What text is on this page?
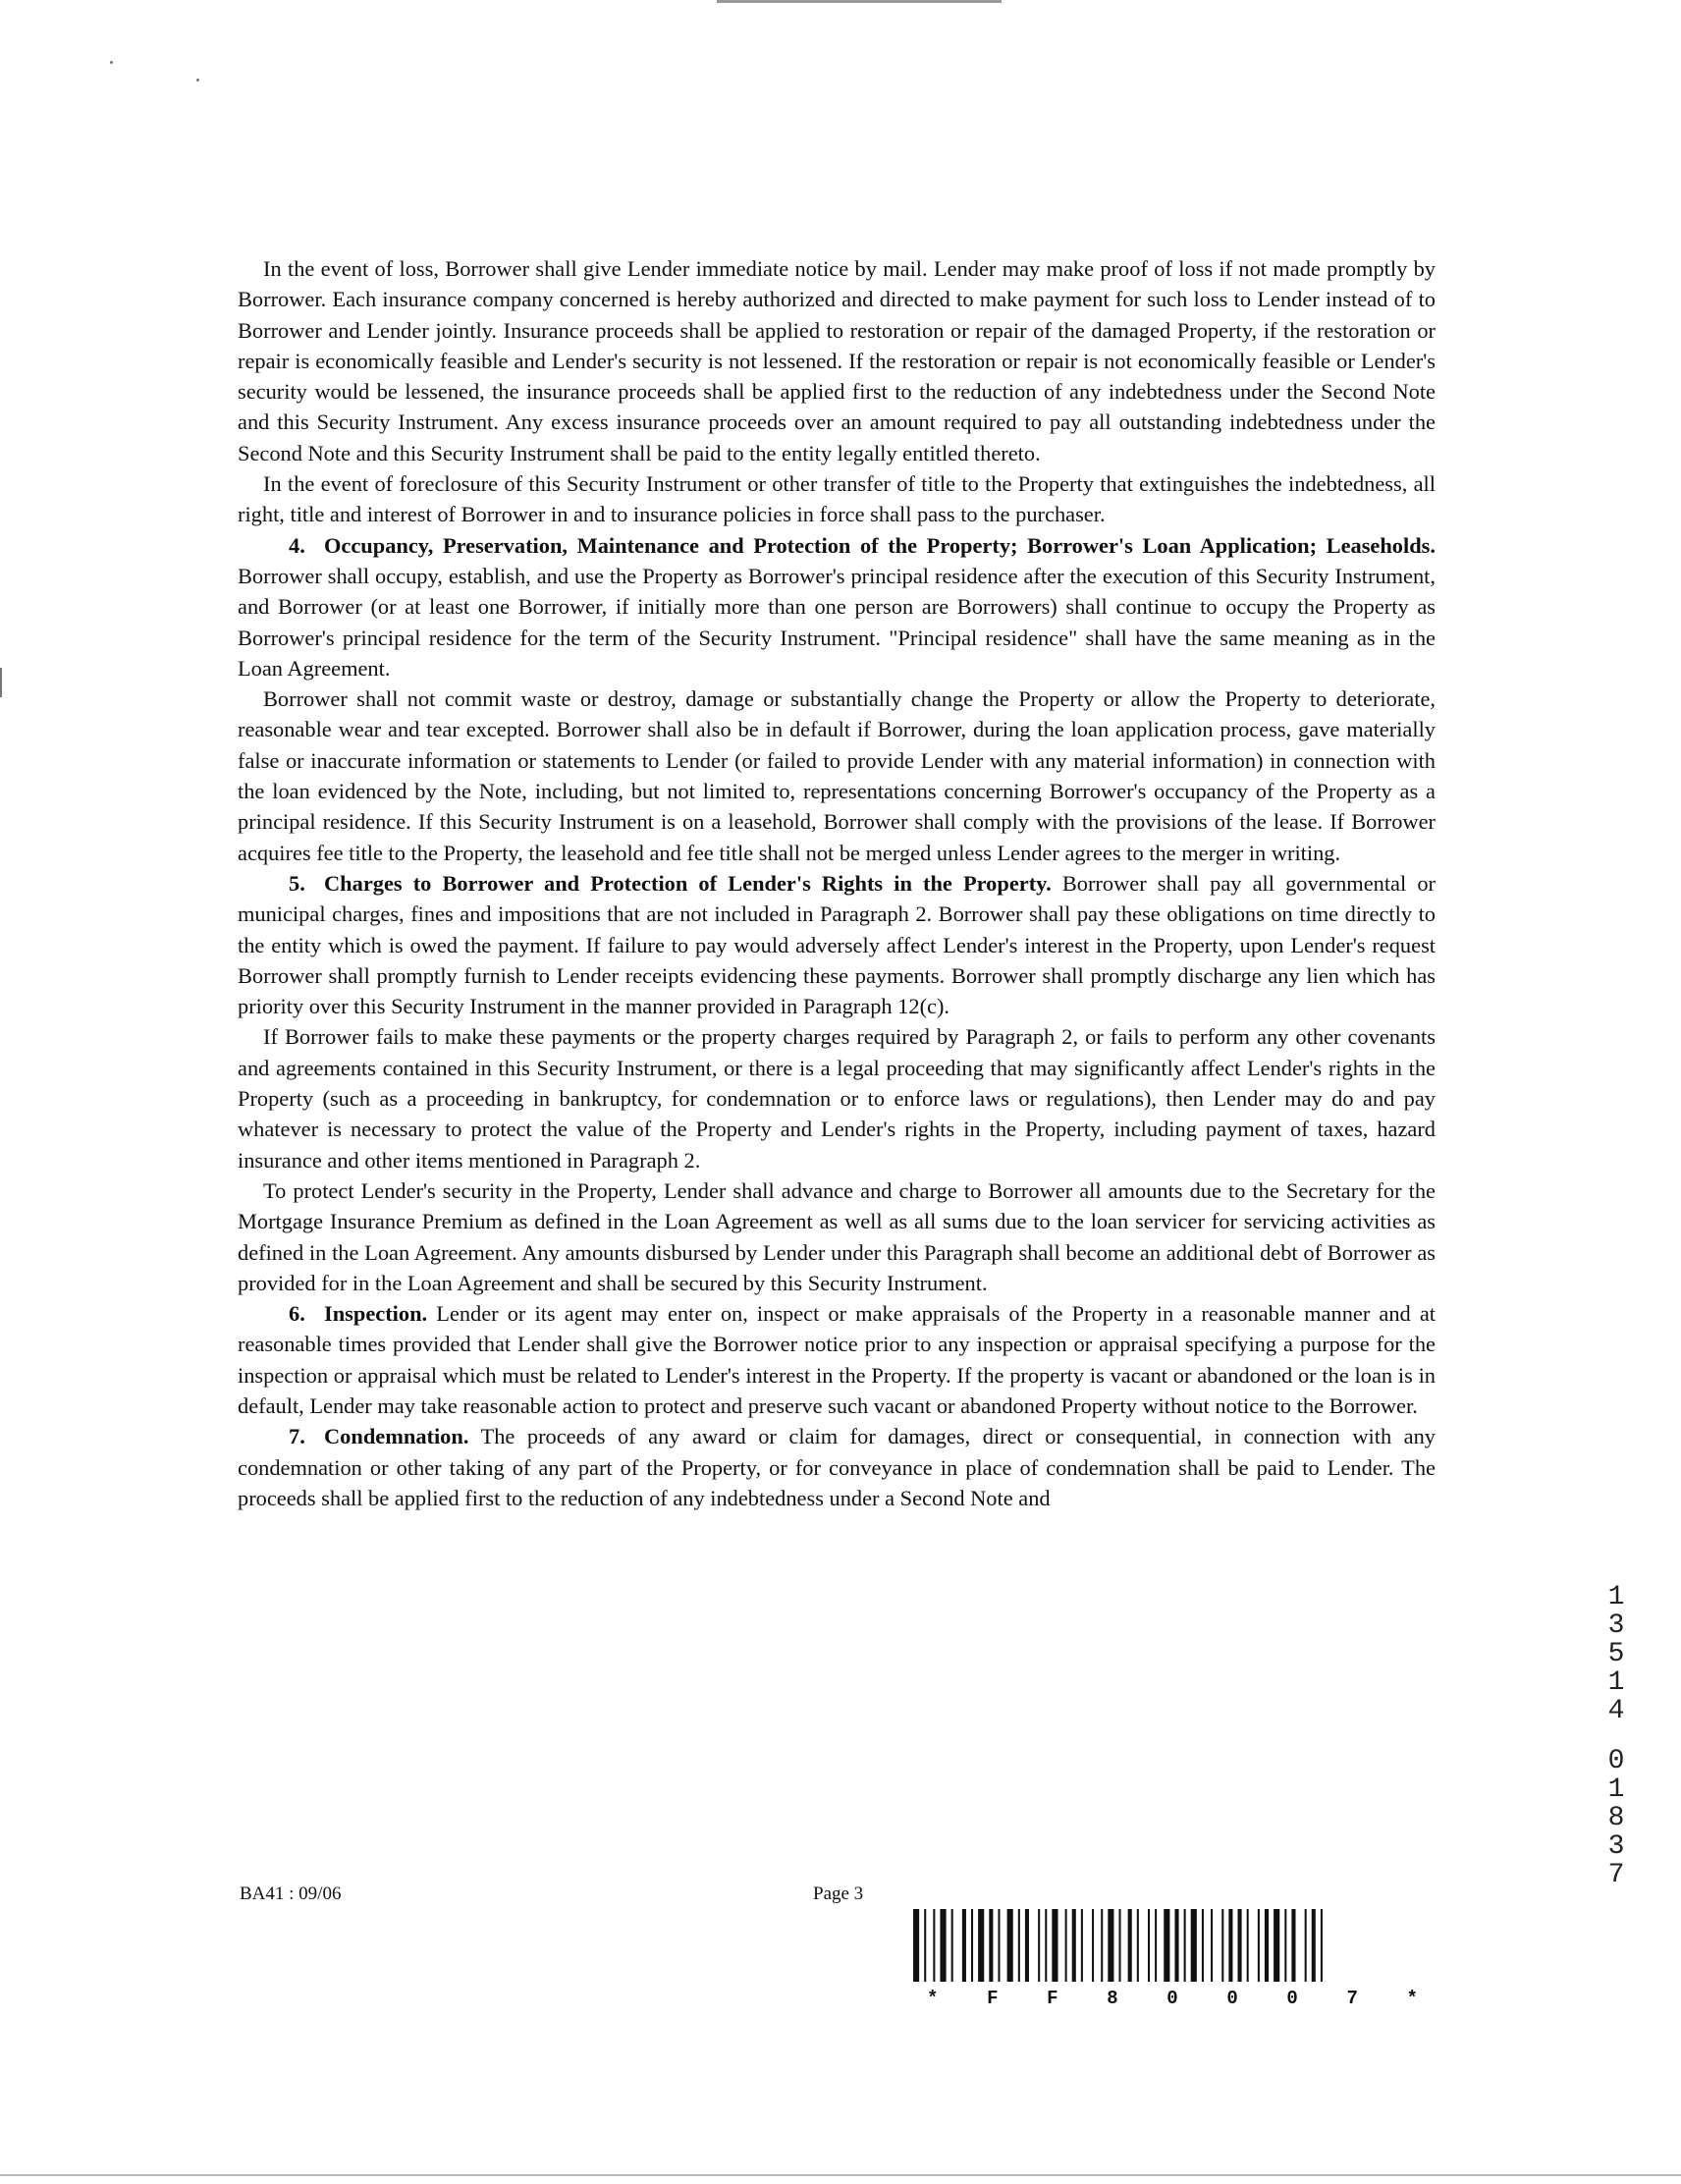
In the event of loss, Borrower shall give Lender immediate notice by mail. Lender may make proof of loss if not made promptly by Borrower. Each insurance company concerned is hereby authorized and directed to make payment for such loss to Lender instead of to Borrower and Lender jointly. Insurance proceeds shall be applied to restoration or repair of the damaged Property, if the restoration or repair is economically feasible and Lender's security is not lessened. If the restoration or repair is not economically feasible or Lender's security would be lessened, the insurance proceeds shall be applied first to the reduction of any indebtedness under the Second Note and this Security Instrument. Any excess insurance proceeds over an amount required to pay all outstanding indebtedness under the Second Note and this Security Instrument shall be paid to the entity legally entitled thereto.

In the event of foreclosure of this Security Instrument or other transfer of title to the Property that extinguishes the indebtedness, all right, title and interest of Borrower in and to insurance policies in force shall pass to the purchaser.

4. Occupancy, Preservation, Maintenance and Protection of the Property; Borrower's Loan Application; Leaseholds. Borrower shall occupy, establish, and use the Property as Borrower's principal residence after the execution of this Security Instrument, and Borrower (or at least one Borrower, if initially more than one person are Borrowers) shall continue to occupy the Property as Borrower's principal residence for the term of the Security Instrument. "Principal residence" shall have the same meaning as in the Loan Agreement.

Borrower shall not commit waste or destroy, damage or substantially change the Property or allow the Property to deteriorate, reasonable wear and tear excepted. Borrower shall also be in default if Borrower, during the loan application process, gave materially false or inaccurate information or statements to Lender (or failed to provide Lender with any material information) in connection with the loan evidenced by the Note, including, but not limited to, representations concerning Borrower's occupancy of the Property as a principal residence. If this Security Instrument is on a leasehold, Borrower shall comply with the provisions of the lease. If Borrower acquires fee title to the Property, the leasehold and fee title shall not be merged unless Lender agrees to the merger in writing.

5. Charges to Borrower and Protection of Lender's Rights in the Property. Borrower shall pay all governmental or municipal charges, fines and impositions that are not included in Paragraph 2. Borrower shall pay these obligations on time directly to the entity which is owed the payment. If failure to pay would adversely affect Lender's interest in the Property, upon Lender's request Borrower shall promptly furnish to Lender receipts evidencing these payments. Borrower shall promptly discharge any lien which has priority over this Security Instrument in the manner provided in Paragraph 12(c).

If Borrower fails to make these payments or the property charges required by Paragraph 2, or fails to perform any other covenants and agreements contained in this Security Instrument, or there is a legal proceeding that may significantly affect Lender's rights in the Property (such as a proceeding in bankruptcy, for condemnation or to enforce laws or regulations), then Lender may do and pay whatever is necessary to protect the value of the Property and Lender's rights in the Property, including payment of taxes, hazard insurance and other items mentioned in Paragraph 2.

To protect Lender's security in the Property, Lender shall advance and charge to Borrower all amounts due to the Secretary for the Mortgage Insurance Premium as defined in the Loan Agreement as well as all sums due to the loan servicer for servicing activities as defined in the Loan Agreement. Any amounts disbursed by Lender under this Paragraph shall become an additional debt of Borrower as provided for in the Loan Agreement and shall be secured by this Security Instrument.

6. Inspection. Lender or its agent may enter on, inspect or make appraisals of the Property in a reasonable manner and at reasonable times provided that Lender shall give the Borrower notice prior to any inspection or appraisal specifying a purpose for the inspection or appraisal which must be related to Lender's interest in the Property. If the property is vacant or abandoned or the loan is in default, Lender may take reasonable action to protect and preserve such vacant or abandoned Property without notice to the Borrower.

7. Condemnation. The proceeds of any award or claim for damages, direct or consequential, in connection with any condemnation or other taking of any part of the Property, or for conveyance in place of condemnation shall be paid to Lender. The proceeds shall be applied first to the reduction of any indebtedness under a Second Note and

BA41 : 09/06	Page 3
*	F	F	8	0	0	0	7	*
1
3
5
1
4
0
1
8
3
7
